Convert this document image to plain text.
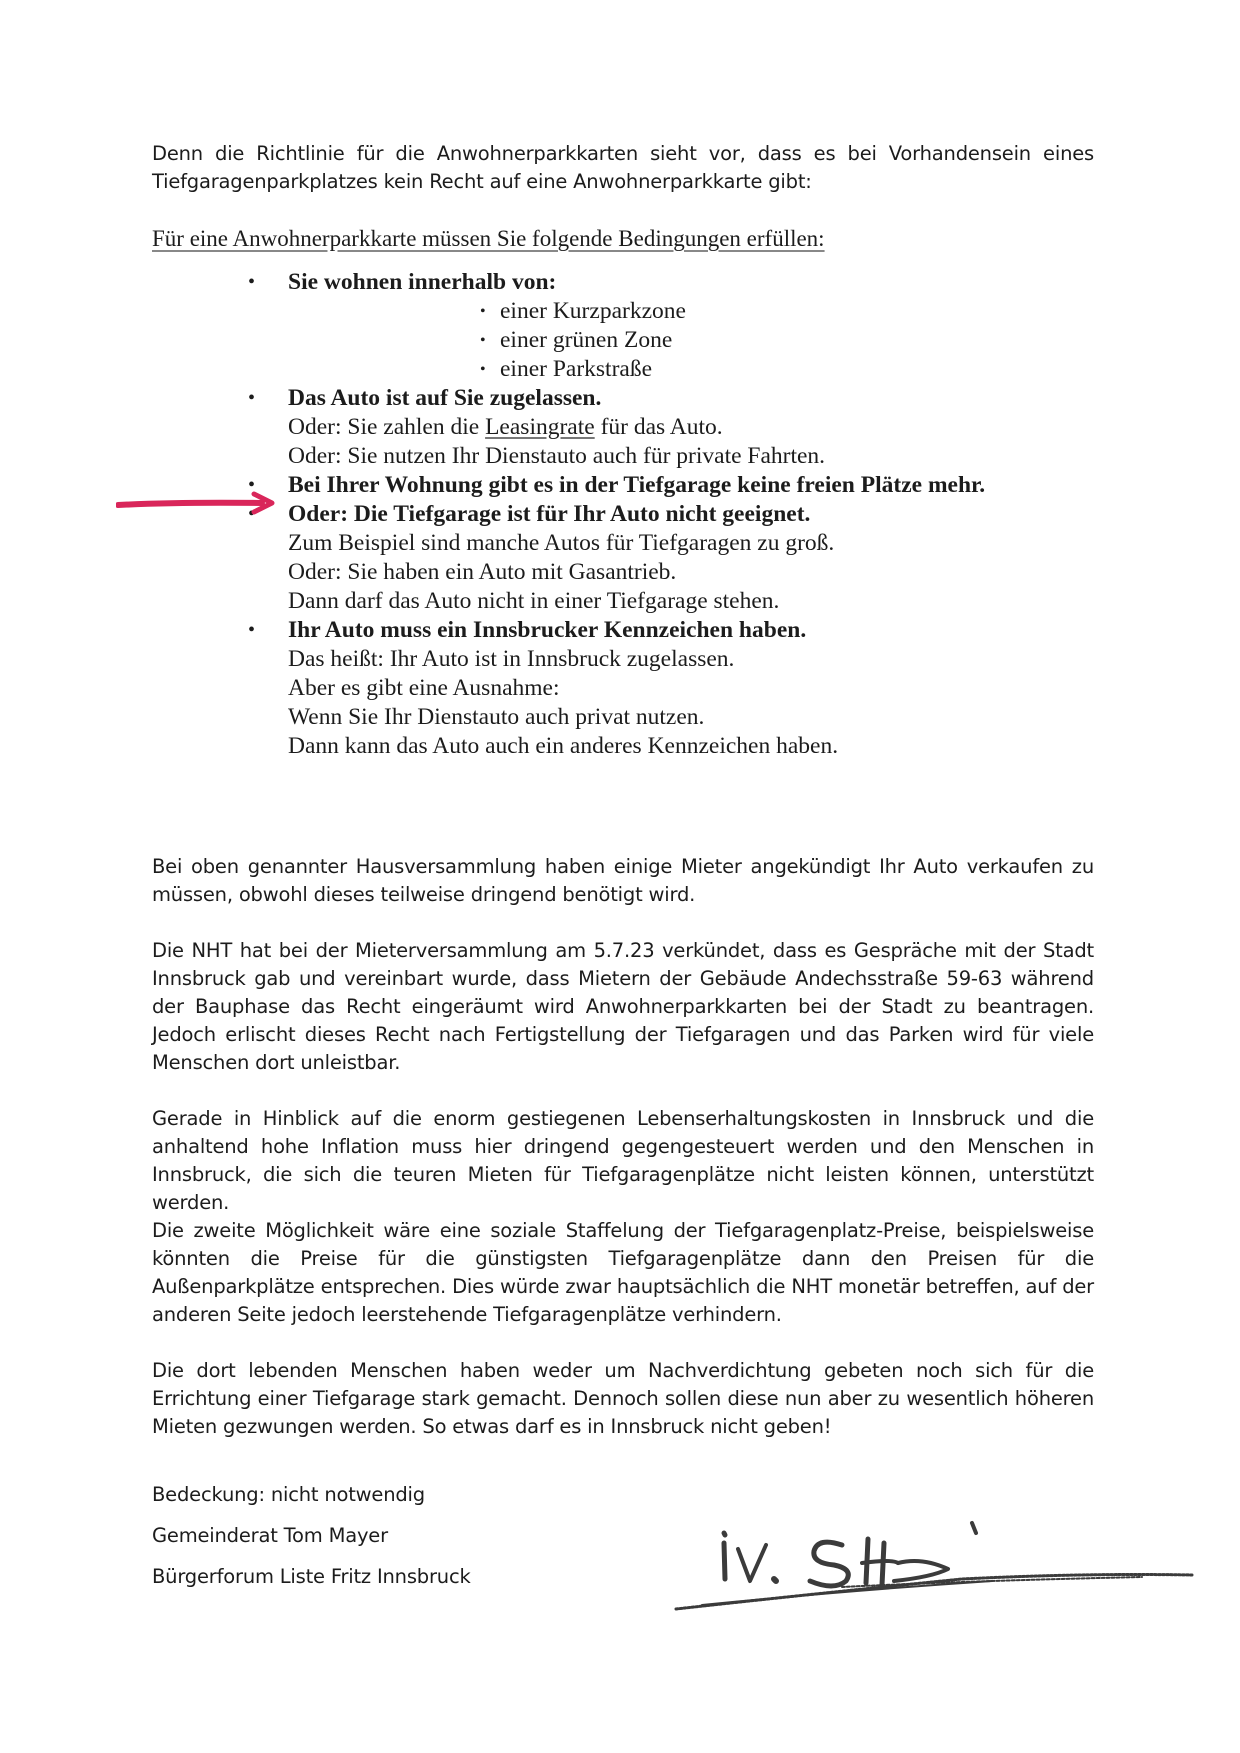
Denn die Richtlinie für die Anwohnerparkkarten sieht vor, dass es bei Vorhandensein eines Tiefgaragenparkplatzes kein Recht auf eine Anwohnerparkkarte gibt:

Für eine Anwohnerparkkarte müssen Sie folgende Bedingungen erfüllen:

• Sie wohnen innerhalb von:
• einer Kurzparkzone
• einer grünen Zone
• einer Parkstraße
• Das Auto ist auf Sie zugelassen.
Oder: Sie zahlen die Leasingrate für das Auto.
Oder: Sie nutzen Ihr Dienstauto auch für private Fahrten.
• Bei Ihrer Wohnung gibt es in der Tiefgarage keine freien Plätze mehr.
• Oder: Die Tiefgarage ist für Ihr Auto nicht geeignet.
Zum Beispiel sind manche Autos für Tiefgaragen zu groß.
Oder: Sie haben ein Auto mit Gasantrieb.
Dann darf das Auto nicht in einer Tiefgarage stehen.
• Ihr Auto muss ein Innsbrucker Kennzeichen haben.
Das heißt: Ihr Auto ist in Innsbruck zugelassen.
Aber es gibt eine Ausnahme:
Wenn Sie Ihr Dienstauto auch privat nutzen.
Dann kann das Auto auch ein anderes Kennzeichen haben.

Bei oben genannter Hausversammlung haben einige Mieter angekündigt Ihr Auto verkaufen zu müssen, obwohl dieses teilweise dringend benötigt wird.

Die NHT hat bei der Mieterversammlung am 5.7.23 verkündet, dass es Gespräche mit der Stadt Innsbruck gab und vereinbart wurde, dass Mietern der Gebäude Andechsstraße 59-63 während der Bauphase das Recht eingeräumt wird Anwohnerparkkarten bei der Stadt zu beantragen. Jedoch erlischt dieses Recht nach Fertigstellung der Tiefgaragen und das Parken wird für viele Menschen dort unleistbar.

Gerade in Hinblick auf die enorm gestiegenen Lebenserhaltungskosten in Innsbruck und die anhaltend hohe Inflation muss hier dringend gegengesteuert werden und den Menschen in Innsbruck, die sich die teuren Mieten für Tiefgaragenplätze nicht leisten können, unterstützt werden.

Die zweite Möglichkeit wäre eine soziale Staffelung der Tiefgaragenplatz-Preise, beispielsweise könnten die Preise für die günstigsten Tiefgaragenplätze dann den Preisen für die Außenparkplätze entsprechen. Dies würde zwar hauptsächlich die NHT monetär betreffen, auf der anderen Seite jedoch leerstehende Tiefgaragenplätze verhindern.

Die dort lebenden Menschen haben weder um Nachverdichtung gebeten noch sich für die Errichtung einer Tiefgarage stark gemacht. Dennoch sollen diese nun aber zu wesentlich höheren Mieten gezwungen werden. So etwas darf es in Innsbruck nicht geben!

Bedeckung: nicht notwendig

Gemeinderat Tom Mayer

Bürgerforum Liste Fritz Innsbruck
